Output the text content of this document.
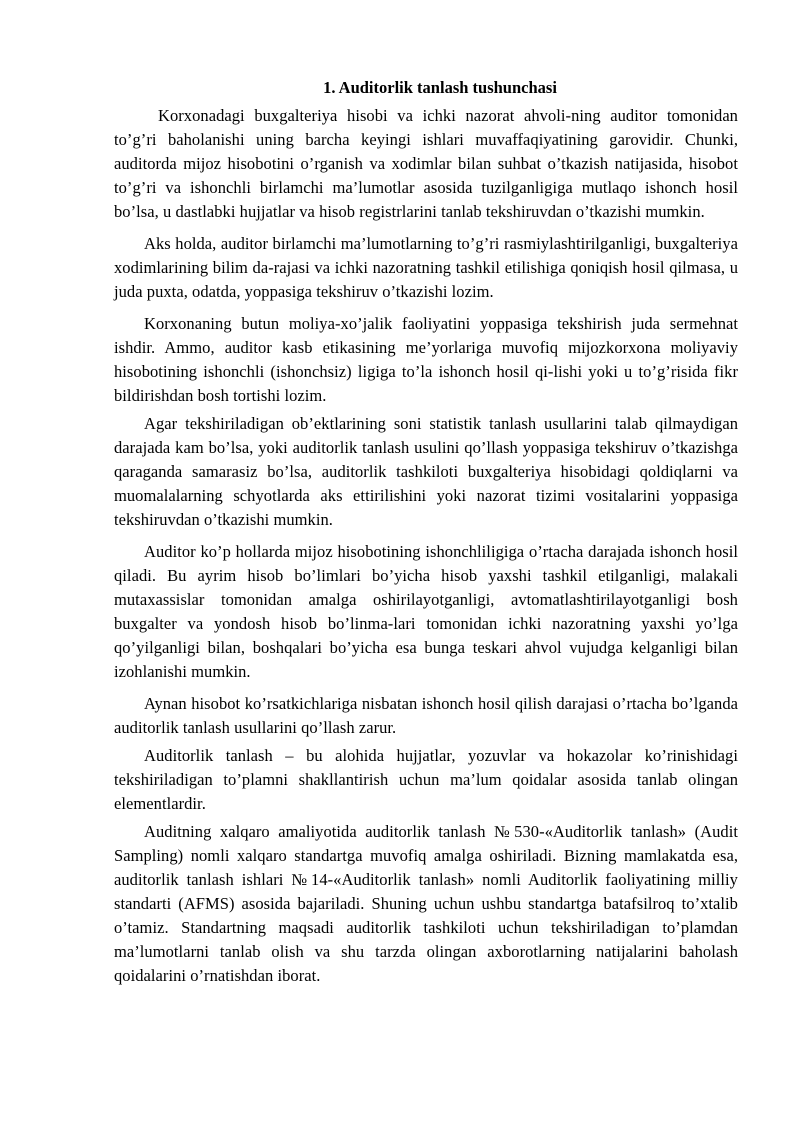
1. Auditorlik tanlash tushunchasi

Korxonadagi buxgalteriya hisobi va ichki nazorat ahvoli-ning auditor tomonidan to’g’ri baholanishi uning barcha keyingi ishlari muvaffaqiyatining garovidir. Chunki, auditorda mijoz hisobotini o’rganish va xodimlar bilan suhbat o’tkazish natijasida, hisobot to’g’ri va ishonchli birlamchi ma’lumotlar asosida tuzilganligiga mutlaqo ishonch hosil bo’lsa, u dastlabki hujjatlar va hisob registrlarini tanlab tekshiruvdan o’tkazishi mumkin.

Aks holda, auditor birlamchi ma’lumotlarning to’g’ri rasmiylashtirilganligi, buxgalteriya xodimlarining bilim da-rajasi va ichki nazoratning tashkil etilishiga qoniqish hosil qilmasa, u juda puxta, odatda, yoppasiga tekshiruv o’tkazishi lozim.

Korxonaning butun moliya-xo’jalik faoliyatini yoppasiga tekshirish juda sermehnat ishdir. Ammo, auditor kasb etikasining me’yorlariga muvofiq mijozkorxona moliyaviy hisobotining ishonchli (ishonchsiz) ligiga to’la ishonch hosil qi-lishi yoki u to’g’risida fikr bildirishdan bosh tortishi lozim.

Agar tekshiriladigan ob’ektlarining soni statistik tanlash usullarini talab qilmaydigan darajada kam bo’lsa, yoki auditorlik tanlash usulini qo’llash yoppasiga tekshiruv o’tkazishga qaraganda samarasiz bo’lsa, auditorlik tashkiloti buxgalteriya hisobidagi qoldiqlarni va muomalalarning schyotlarda aks ettirilishini yoki nazorat tizimi vositalarini yoppasiga tekshiruvdan o’tkazishi mumkin.

Auditor ko’p hollarda mijoz hisobotining ishonchliligiga o’rtacha darajada ishonch hosil qiladi. Bu ayrim hisob bo’limlari bo’yicha hisob yaxshi tashkil etilganligi, malakali mutaxassislar tomonidan amalga oshirilayotganligi, avtomatlashtirilayotganligi bosh buxgalter va yondosh hisob bo’linma-lari tomonidan ichki nazoratning yaxshi yo’lga qo’yilganligi bilan, boshqalari bo’yicha esa bunga teskari ahvol vujudga kelganligi bilan izohlanishi mumkin.

Aynan hisobot ko’rsatkichlariga nisbatan ishonch hosil qilish darajasi o’rtacha bo’lganda auditorlik tanlash usullarini qo’llash zarur.

Auditorlik tanlash – bu alohida hujjatlar, yozuvlar va hokazolar ko’rinishidagi tekshiriladigan to’plamni shakllantirish uchun ma’lum qoidalar asosida tanlab olingan elementlardir.

Auditning xalqaro amaliyotida auditorlik tanlash №530-«Auditorlik tanlash» (Audit Sampling) nomli xalqaro standartga muvofiq amalga oshiriladi. Bizning mamlakatda esa, auditorlik tanlash ishlari №14-«Auditorlik tanlash» nomli Auditorlik faoliyatining milliy standarti (AFMS) asosida bajariladi. Shuning uchun ushbu standartga batafsilroq to’xtalib o’tamiz. Standartning maqsadi auditorlik tashkiloti uchun tekshiriladigan to’plamdan ma’lumotlarni tanlab olish va shu tarzda olingan axborotlarning natijalarini baholash qoidalarini o’rnatishdan iborat.
